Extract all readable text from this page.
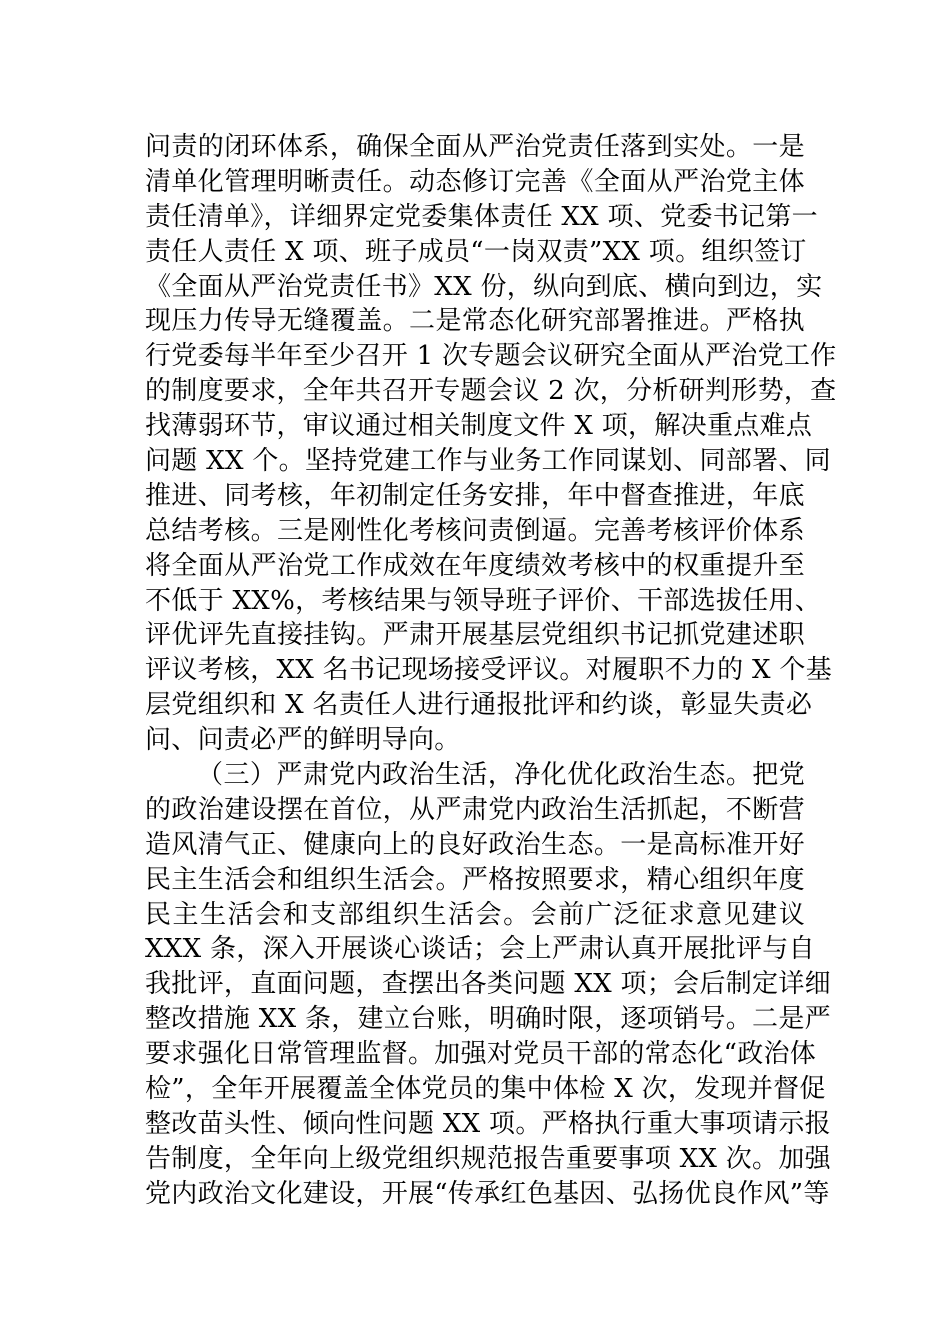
问责的闭环体系，确保全面从严治党责任落到实处。一是
清单化管理明晰责任。动态修订完善《全面从严治党主体
责任清单》，详细界定党委集体责任 XX 项、党委书记第一
责任人责任 X 项、班子成员“一岗双责”XX 项。组织签订
《全面从严治党责任书》XX 份，纵向到底、横向到边，实
现压力传导无缝覆盖。二是常态化研究部署推进。严格执
行党委每半年至少召开 1 次专题会议研究全面从严治党工作
的制度要求，全年共召开专题会议 2 次，分析研判形势，查
找薄弱环节，审议通过相关制度文件 X 项，解决重点难点
问题 XX 个。坚持党建工作与业务工作同谋划、同部署、同
推进、同考核，年初制定任务安排，年中督查推进，年底
总结考核。三是刚性化考核问责倒逼。完善考核评价体系
将全面从严治党工作成效在年度绩效考核中的权重提升至
不低于 XX%，考核结果与领导班子评价、干部选拔任用、
评优评先直接挂钩。严肃开展基层党组织书记抓党建述职
评议考核，XX 名书记现场接受评议。对履职不力的 X 个基
层党组织和 X 名责任人进行通报批评和约谈，彰显失责必
问、问责必严的鲜明导向。
（三）严肃党内政治生活，净化优化政治生态。把党
的政治建设摆在首位，从严肃党内政治生活抓起，不断营
造风清气正、健康向上的良好政治生态。一是高标准开好
民主生活会和组织生活会。严格按照要求，精心组织年度
民主生活会和支部组织生活会。会前广泛征求意见建议
XXX 条，深入开展谈心谈话；会上严肃认真开展批评与自
我批评，直面问题，查摆出各类问题 XX 项；会后制定详细
整改措施 XX 条，建立台账，明确时限，逐项销号。二是严
要求强化日常管理监督。加强对党员干部的常态化“政治体
检”，全年开展覆盖全体党员的集中体检 X 次，发现并督促
整改苗头性、倾向性问题 XX 项。严格执行重大事项请示报
告制度，全年向上级党组织规范报告重要事项 XX 次。加强
党内政治文化建设，开展“传承红色基因、弘扬优良作风”等
